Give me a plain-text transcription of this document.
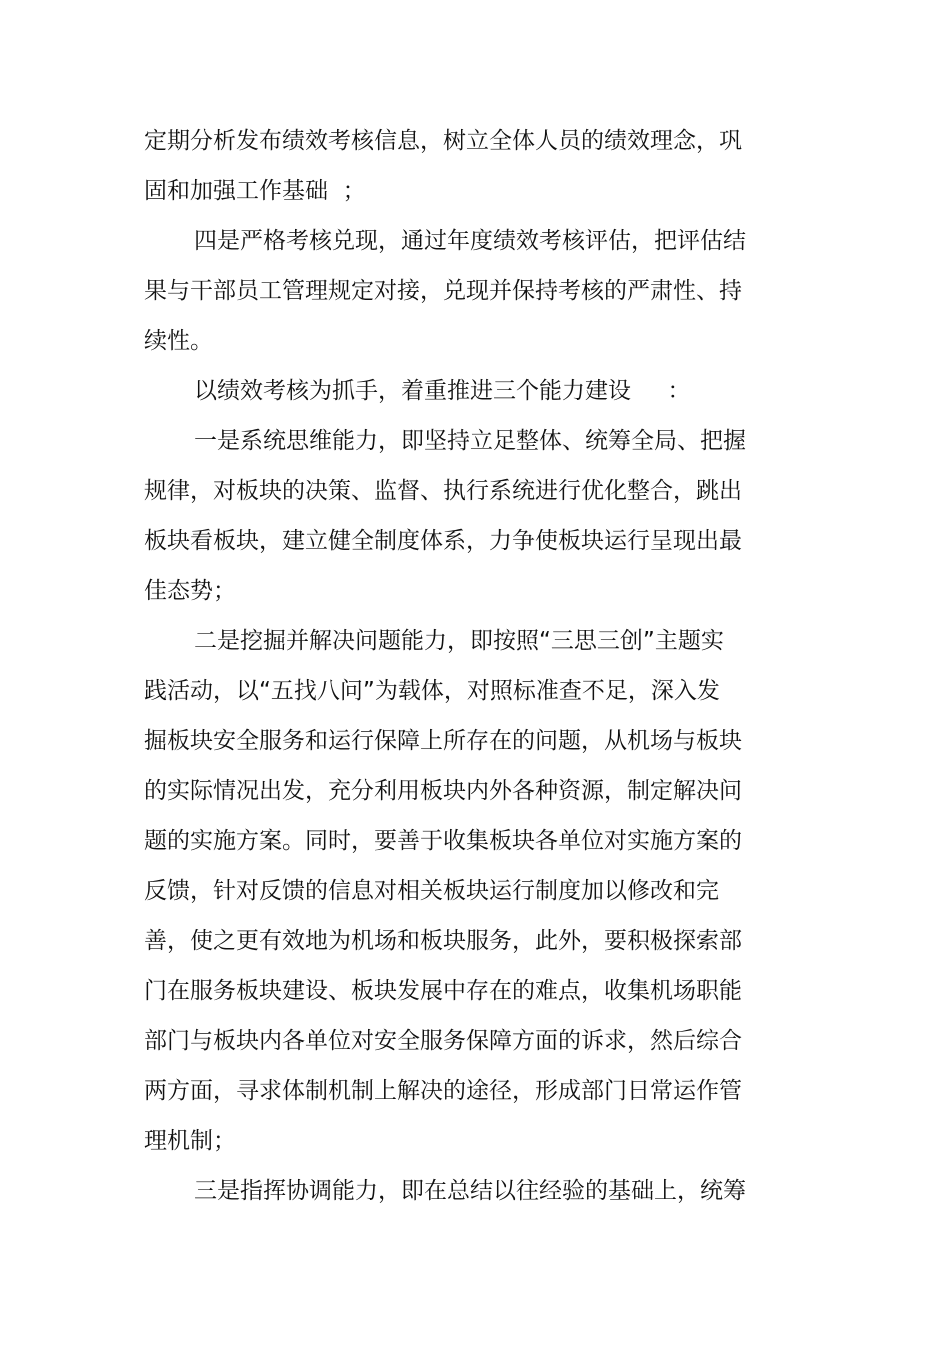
定期分析发布绩效考核信息，树立全体人员的绩效理念，巩
固和加强工作基础  ；
四是严格考核兑现，通过年度绩效考核评估，把评估结
果与干部员工管理规定对接，兑现并保持考核的严肃性、持
续性。
以绩效考核为抓手，着重推进三个能力建设     ：
一是系统思维能力，即坚持立足整体、统筹全局、把握
规律，对板块的决策、监督、执行系统进行优化整合，跳出
板块看板块，建立健全制度体系，力争使板块运行呈现出最
佳态势；
二是挖掘并解决问题能力，即按照“三思三创”主题实
践活动，以“五找八问”为载体，对照标准查不足，深入发
掘板块安全服务和运行保障上所存在的问题，从机场与板块
的实际情况出发，充分利用板块内外各种资源，制定解决问
题的实施方案。同时，要善于收集板块各单位对实施方案的
反馈，针对反馈的信息对相关板块运行制度加以修改和完
善，使之更有效地为机场和板块服务，此外，要积极探索部
门在服务板块建设、板块发展中存在的难点，收集机场职能
部门与板块内各单位对安全服务保障方面的诉求，然后综合
两方面，寻求体制机制上解决的途径，形成部门日常运作管
理机制；
三是指挥协调能力，即在总结以往经验的基础上，统筹
